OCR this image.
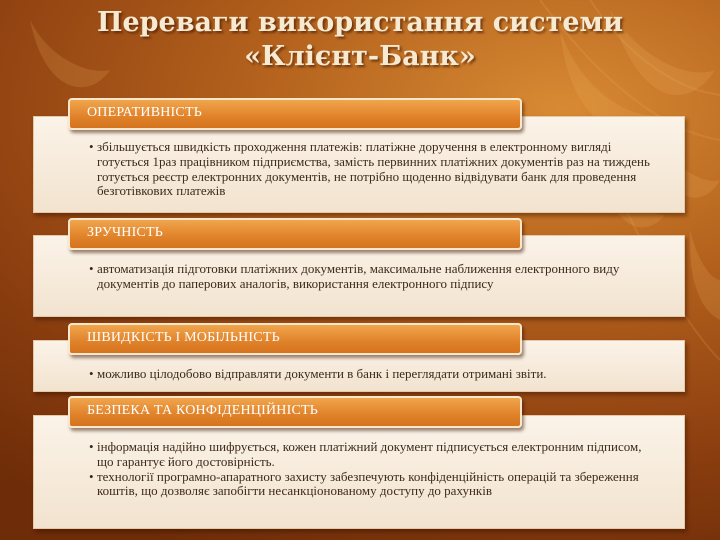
Переваги використання системи
«Клієнт-Банк»
• збільшується швидкість проходження платежів: платіжне доручення в електронному вигляді готується 1раз працівником підприємства, замість первинних платіжних документів раз на тиждень готується реєстр електронних документів, не потрібно щоденно відвідувати банк для проведення безготівкових платежів
ОПЕРАТИВНІСТЬ
• автоматизація підготовки платіжних документів, максимальне наближення електронного виду документів до паперових аналогів, використання електронного підпису
ЗРУЧНІСТЬ
• можливо цілодобово відправляти документи в банк і переглядати отримані звіти.
ШВИДКІСТЬ І МОБІЛЬНІСТЬ
• інформація надійно шифрується, кожен платіжний документ підписується електронним підписом, що гарантує його достовірність.
• технології програмно-апаратного захисту забезпечують конфіденційність операцій та збереження коштів, що дозволяє запобігти несанкціонованому доступу до рахунків
БЕЗПЕКА ТА КОНФІДЕНЦІЙНІСТЬ
